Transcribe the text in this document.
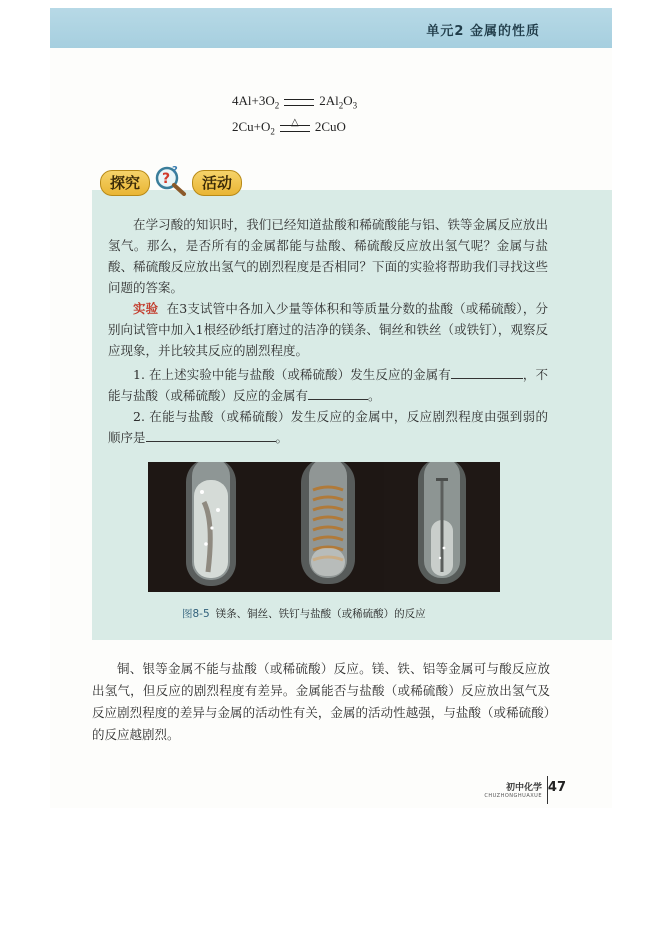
单元2 金属的性质
$4Al+3O_2$	$2Al_2O_3$
$2Cu+O_2$
△	2CuO
探究	?
?
活动
在学习酸的知识时，我们已经知道盐酸和稀硫酸能与铝、铁等金属反应放出氢气。那么，是否所有的金属都能与盐酸、稀硫酸反应放出氢气呢？金属与盐酸、稀硫酸反应放出氢气的剧烈程度是否相同？下面的实验将帮助我们寻找这些问题的答案。
实验 在3支试管中各加入少量等体积和等质量分数的盐酸（或稀硫酸），分别向试管中加入1根经砂纸打磨过的洁净的镁条、铜丝和铁丝（或铁钉），观察反应现象，并比较其反应的剧烈程度。
1. 在上述实验中能与盐酸（或稀硫酸）发生反应的金属有	，不能与盐酸（或稀硫酸）反应的金属有	。
2. 在能与盐酸（或稀硫酸）发生反应的金属中，反应剧烈程度由强到弱的顺序是	。
图8-5 镁条、铜丝、铁钉与盐酸（或稀硫酸）的反应
铜、银等金属不能与盐酸（或稀硫酸）反应。镁、铁、铝等金属可与酸反应放出氢气，但反应的剧烈程度有差异。金属能否与盐酸（或稀硫酸）反应放出氢气及反应剧烈程度的差异与金属的活动性有关，金属的活动性越强，与盐酸（或稀硫酸）的反应越剧烈。
初中化学
CHUZHONGHUAXUE
47
